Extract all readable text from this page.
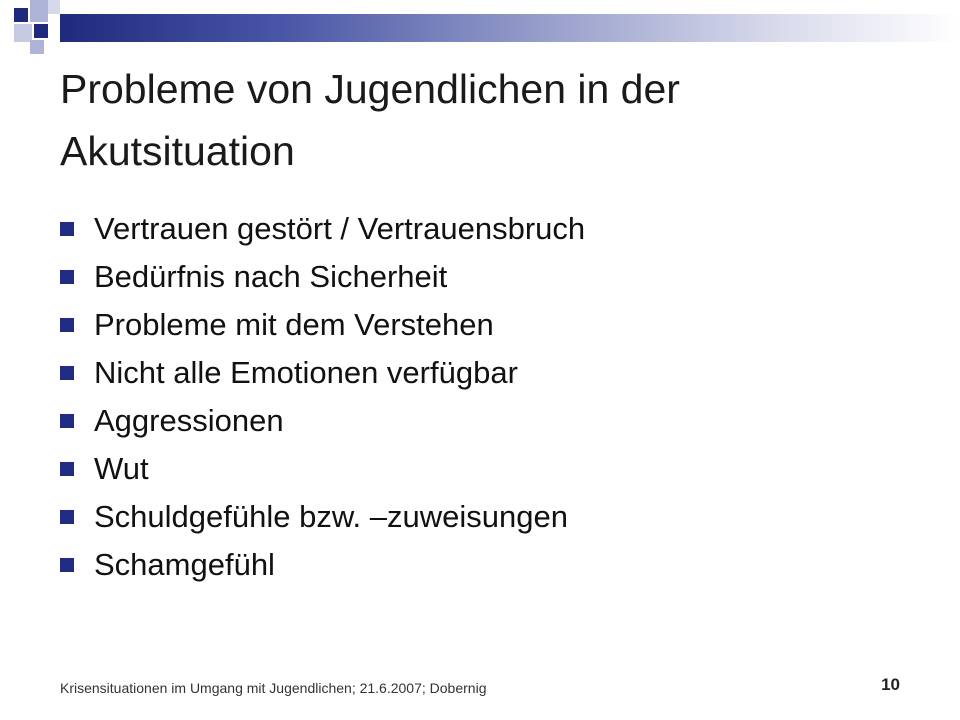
Probleme von Jugendlichen in der Akutsituation
Vertrauen gestört / Vertrauensbruch
Bedürfnis nach Sicherheit
Probleme mit dem Verstehen
Nicht alle Emotionen verfügbar
Aggressionen
Wut
Schuldgefühle bzw. –zuweisungen
Schamgefühl
Krisensituationen im Umgang mit Jugendlichen; 21.6.2007; Dobernig	10
